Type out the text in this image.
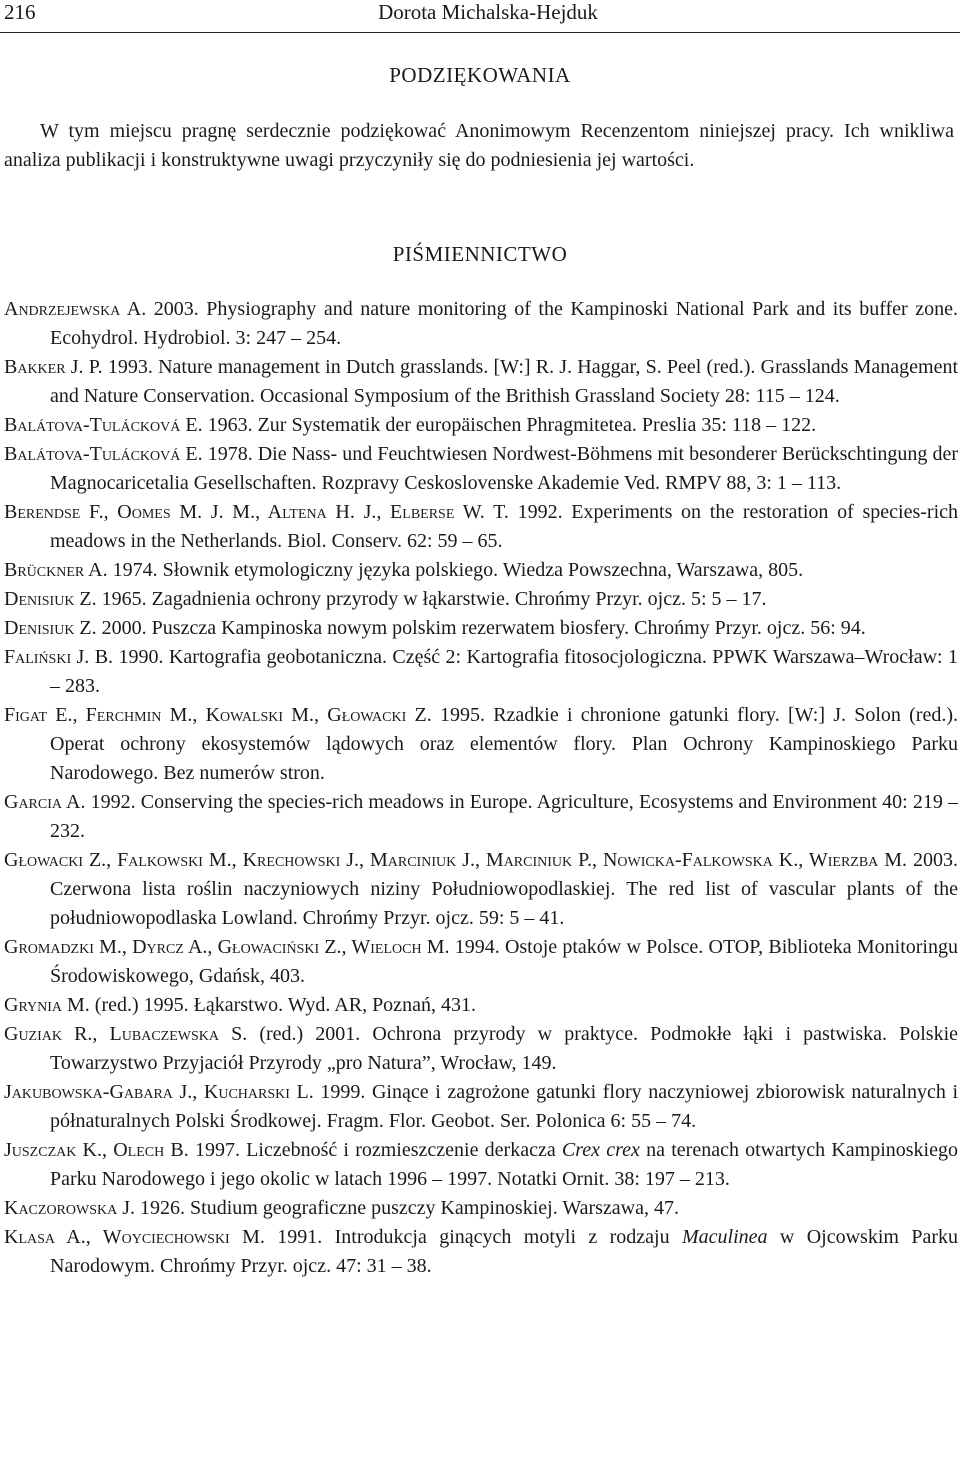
216	Dorota Michalska-Hejduk
PODZIĘKOWANIA

W tym miejscu pragnę serdecznie podziękować Anonimowym Recenzentom niniejszej pracy. Ich wnikliwa analiza publikacji i konstruktywne uwagi przyczyniły się do podniesienia jej wartości.

PIŚMIENNICTWO
Andrzejewska A. 2003. Physiography and nature monitoring of the Kampinoski National Park and its buffer zone. Ecohydrol. Hydrobiol. 3: 247 – 254.
Bakker J. P. 1993. Nature management in Dutch grasslands. [W:] R. J. Haggar, S. Peel (red.). Grasslands Management and Nature Conservation. Occasional Symposium of the Brithish Grassland Society 28: 115 – 124.
Balátova-Tulácková E. 1963. Zur Systematik der europäischen Phragmitetea. Preslia 35: 118 – 122.
Balátova-Tulácková E. 1978. Die Nass- und Feuchtwiesen Nordwest-Böhmens mit besonderer Berückschtingung der Magnocaricetalia Gesellschaften. Rozpravy Ceskoslovenske Akademie Ved. RMPV 88, 3: 1 – 113.
Berendse F., Oomes M. J. M., Altena H. J., Elberse W. T. 1992. Experiments on the restoration of species-rich meadows in the Netherlands. Biol. Conserv. 62: 59 – 65.
Brückner A. 1974. Słownik etymologiczny języka polskiego. Wiedza Powszechna, Warszawa, 805.
Denisiuk Z. 1965. Zagadnienia ochrony przyrody w łąkarstwie. Chrońmy Przyr. ojcz. 5: 5 – 17.
Denisiuk Z. 2000. Puszcza Kampinoska nowym polskim rezerwatem biosfery. Chrońmy Przyr. ojcz. 56: 94.
Faliński J. B. 1990. Kartografia geobotaniczna. Część 2: Kartografia fitosocjologiczna. PPWK Warszawa–Wrocław: 1 – 283.
Figat E., Ferchmin M., Kowalski M., Głowacki Z. 1995. Rzadkie i chronione gatunki flory. [W:] J. Solon (red.). Operat ochrony ekosystemów lądowych oraz elementów flory. Plan Ochrony Kampinoskiego Parku Narodowego. Bez numerów stron.
Garcia A. 1992. Conserving the species-rich meadows in Europe. Agriculture, Ecosystems and Environment 40: 219 – 232.
Głowacki Z., Falkowski M., Krechowski J., Marciniuk J., Marciniuk P., Nowicka-Falkowska K., Wierzba M. 2003. Czerwona lista roślin naczyniowych niziny Południowopodlaskiej. The red list of vascular plants of the południowopodlaska Lowland. Chrońmy Przyr. ojcz. 59: 5 – 41.
Gromadzki M., Dyrcz A., Głowaciński Z., Wieloch M. 1994. Ostoje ptaków w Polsce. OTOP, Biblioteka Monitoringu Środowiskowego, Gdańsk, 403.
Grynia M. (red.) 1995. Łąkarstwo. Wyd. AR, Poznań, 431.
Guziak R., Lubaczewska S. (red.) 2001. Ochrona przyrody w praktyce. Podmokłe łąki i pastwiska. Polskie Towarzystwo Przyjaciół Przyrody „pro Natura”, Wrocław, 149.
Jakubowska-Gabara J., Kucharski L. 1999. Ginące i zagrożone gatunki flory naczyniowej zbiorowisk naturalnych i półnaturalnych Polski Środkowej. Fragm. Flor. Geobot. Ser. Polonica 6: 55 – 74.
Juszczak K., Olech B. 1997. Liczebność i rozmieszczenie derkacza Crex crex na terenach otwartych Kampinoskiego Parku Narodowego i jego okolic w latach 1996 – 1997. Notatki Ornit. 38: 197 – 213.
Kaczorowska J. 1926. Studium geograficzne puszczy Kampinoskiej. Warszawa, 47.
Klasa A., Woyciechowski M. 1991. Introdukcja ginących motyli z rodzaju Maculinea w Ojcowskim Parku Narodowym. Chrońmy Przyr. ojcz. 47: 31 – 38.
